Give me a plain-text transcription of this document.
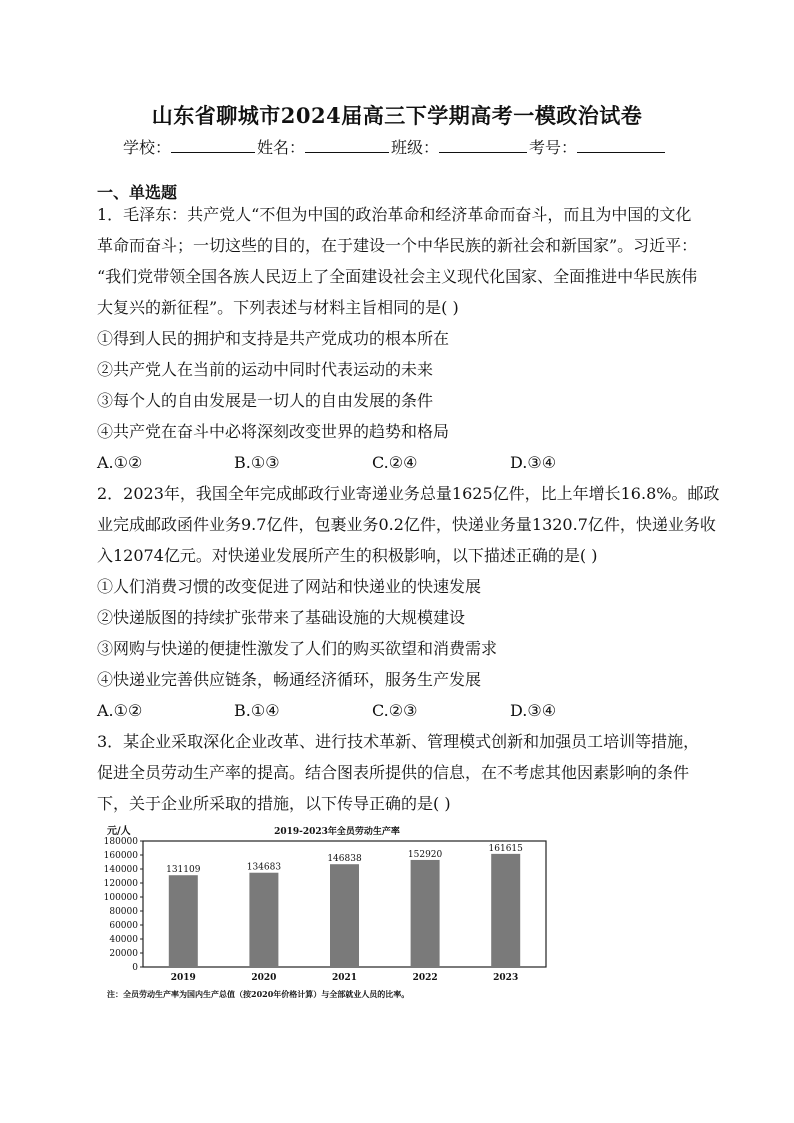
山东省聊城市2024届高三下学期高考一模政治试卷
学校：	姓名：	班级：	考号：
一、单选题
1．毛泽东：共产党人“不但为中国的政治革命和经济革命而奋斗，而且为中国的文化
革命而奋斗；一切这些的目的，在于建设一个中华民族的新社会和新国家”。习近平：
“我们党带领全国各族人民迈上了全面建设社会主义现代化国家、全面推进中华民族伟
大复兴的新征程”。下列表述与材料主旨相同的是( )
①得到人民的拥护和支持是共产党成功的根本所在
②共产党人在当前的运动中同时代表运动的未来
③每个人的自由发展是一切人的自由发展的条件
④共产党在奋斗中必将深刻改变世界的趋势和格局
A.①②	B.①③	C.②④	D.③④
2．2023年，我国全年完成邮政行业寄递业务总量1625亿件，比上年增长16.8%。邮政
业完成邮政函件业务9.7亿件，包裹业务0.2亿件，快递业务量1320.7亿件，快递业务收
入12074亿元。对快递业发展所产生的积极影响，以下描述正确的是( )
①人们消费习惯的改变促进了网站和快递业的快速发展
②快递版图的持续扩张带来了基础设施的大规模建设
③网购与快递的便捷性激发了人们的购买欲望和消费需求
④快递业完善供应链条，畅通经济循环，服务生产发展
A.①②	B.①④	C.②③	D.③④
3．某企业采取深化企业改革、进行技术革新、管理模式创新和加强员工培训等措施，
促进全员劳动生产率的提高。结合图表所提供的信息，在不考虑其他因素影响的条件
下，关于企业所采取的措施，以下传导正确的是( )
元/人	2019-2023年全员劳动生产率
180000
160000
140000
120000
100000
80000
60000
40000
20000
0
131109
2019
134683
2020
146838
2021
152920
2022
161615
2023
注：全员劳动生产率为国内生产总值（按2020年价格计算）与全部就业人员的比率。
